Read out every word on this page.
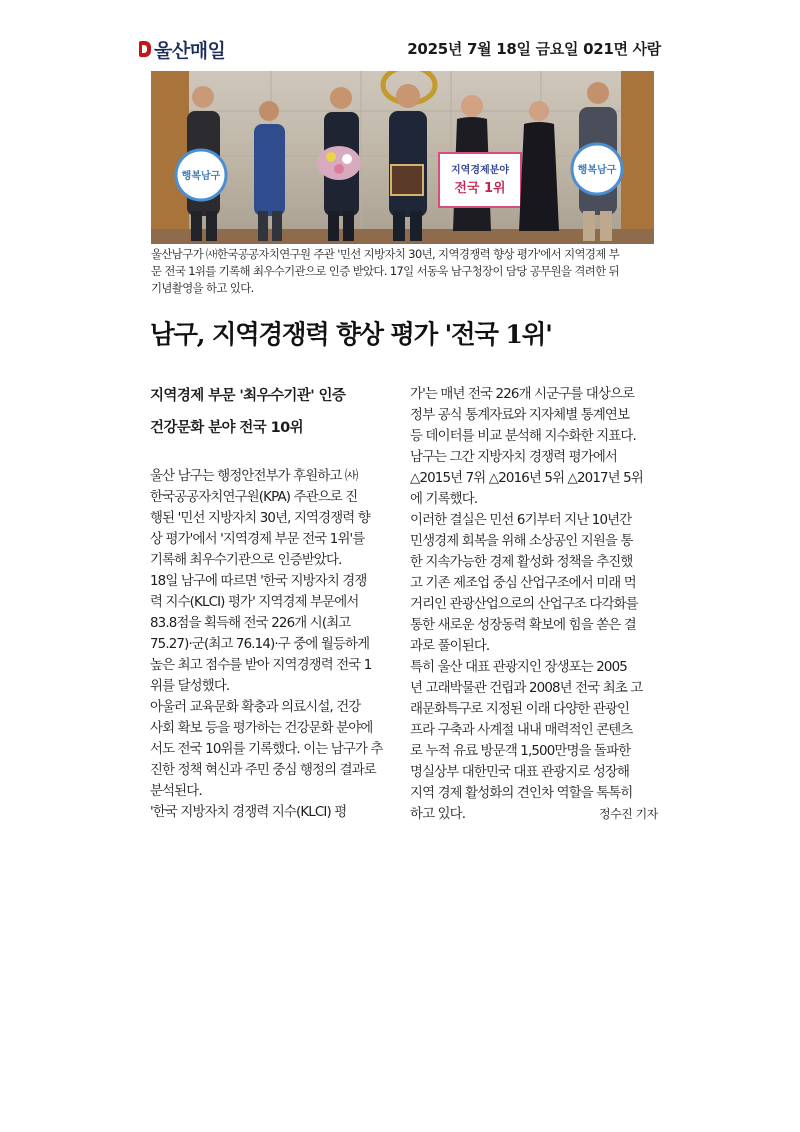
울산매일	2025년 7월 18일 금요일 021면 사람
지역경제분야
전국 1위
행복남구
행복남구
울산남구가 ㈔한국공공자치연구원 주관 '민선 지방자치 30년, 지역경쟁력 향상 평가'에서 지역경제 부
문 전국 1위를 기록해 최우수기관으로 인증 받았다. 17일 서동욱 남구청장이 담당 공무원을 격려한 뒤
기념촬영을 하고 있다.
남구, 지역경쟁력 향상 평가 '전국 1위'
지역경제 부문 '최우수기관' 인증
건강문화 분야 전국 10위
울산 남구는 행정안전부가 후원하고 ㈔
한국공공자치연구원(KPA) 주관으로 진
행된 '민선 지방자치 30년, 지역경쟁력 향
상 평가'에서 '지역경제 부문 전국 1위'를
기록해 최우수기관으로 인증받았다.
18일 남구에 따르면 '한국 지방자치 경쟁
력 지수(KLCI) 평가' 지역경제 부문에서
83.8점을 획득해 전국 226개 시(최고
75.27)·군(최고 76.14)·구 중에 월등하게
높은 최고 점수를 받아 지역경쟁력 전국 1
위를 달성했다.
아울러 교육문화 확충과 의료시설, 건강
사회 확보 등을 평가하는 건강문화 분야에
서도 전국 10위를 기록했다. 이는 남구가 추
진한 정책 혁신과 주민 중심 행정의 결과로
분석된다.
'한국 지방자치 경쟁력 지수(KLCI) 평
가'는 매년 전국 226개 시군구를 대상으로
정부 공식 통계자료와 지자체별 통계연보
등 데이터를 비교 분석해 지수화한 지표다.
남구는 그간 지방자치 경쟁력 평가에서
△2015년 7위 △2016년 5위 △2017년 5위
에 기록했다.
이러한 결실은 민선 6기부터 지난 10년간
민생경제 회복을 위해 소상공인 지원을 통
한 지속가능한 경제 활성화 정책을 추진했
고 기존 제조업 중심 산업구조에서 미래 먹
거리인 관광산업으로의 산업구조 다각화를
통한 새로운 성장동력 확보에 힘을 쏟은 결
과로 풀이된다.
특히 울산 대표 관광지인 장생포는 2005
년 고래박물관 건립과 2008년 전국 최초 고
래문화특구로 지정된 이래 다양한 관광인
프라 구축과 사계절 내내 매력적인 콘텐츠
로 누적 유료 방문객 1,500만명을 돌파한
명실상부 대한민국 대표 관광지로 성장해
지역 경제 활성화의 견인차 역할을 톡톡히
하고 있다.	정수진 기자
